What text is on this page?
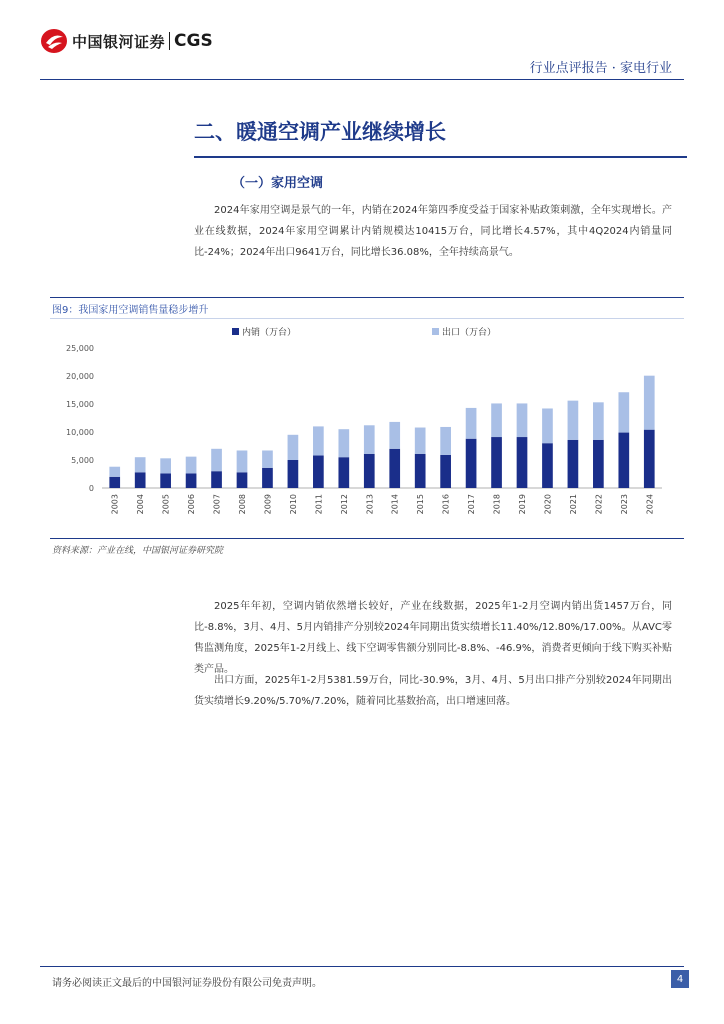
中国银河证券 CGS
行业点评报告 · 家电行业
二、暖通空调产业继续增长
（一）家用空调

2024年家用空调是景气的一年，内销在2024年第四季度受益于国家补贴政策刺激，全年实现增长。产业在线数据，2024年家用空调累计内销规模达10415万台，同比增长4.57%，其中4Q2024内销量同比-24%；2024年出口9641万台，同比增长36.08%，全年持续高景气。

图9：我国家用空调销售量稳步增升
内销（万台）	出口（万台）
0
5,000
10,000
15,000
20,000
25,000
2003 2004 2005 2006 2007 2008 2009 2010 2011 2012 2013 2014 2015 2016 2017 2018 2019 2020 2021 2022 2023 2024
资料来源：产业在线，中国银河证券研究院

2025年年初，空调内销依然增长较好，产业在线数据，2025年1-2月空调内销出货1457万台，同比-8.8%，3月、4月、5月内销排产分别较2024年同期出货实绩增长11.40%/12.80%/17.00%。从AVC零售监测角度，2025年1-2月线上、线下空调零售额分别同比-8.8%、-46.9%，消费者更倾向于线下购买补贴类产品。

出口方面，2025年1-2月5381.59万台，同比-30.9%，3月、4月、5月出口排产分别较2024年同期出货实绩增长9.20%/5.70%/7.20%，随着同比基数抬高，出口增速回落。

请务必阅读正文最后的中国银河证券股份有限公司免责声明。	4
